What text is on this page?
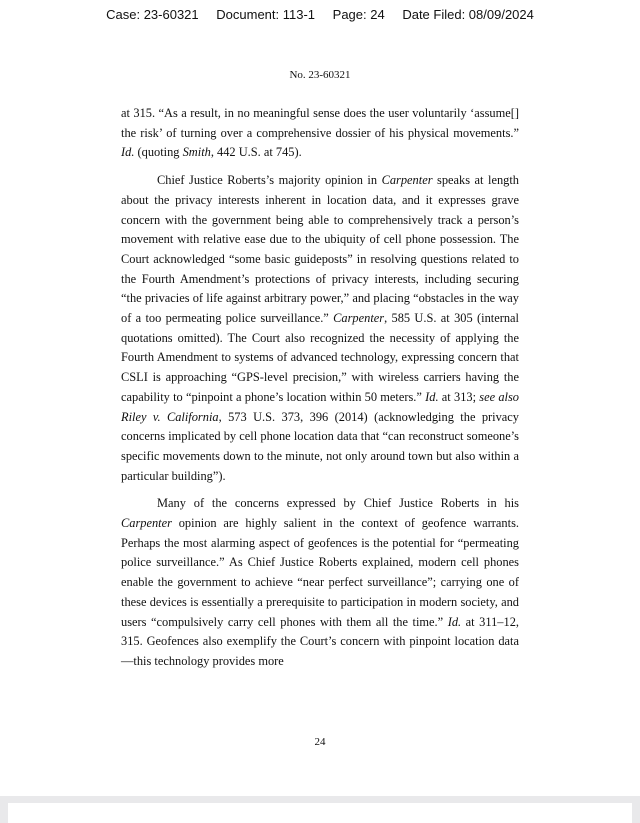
Case: 23-60321 Document: 113-1 Page: 24 Date Filed: 08/09/2024
No. 23-60321

at 315. “As a result, in no meaningful sense does the user voluntarily ‘assume[] the risk’ of turning over a comprehensive dossier of his physical movements.” Id. (quoting Smith, 442 U.S. at 745).

Chief Justice Roberts’s majority opinion in Carpenter speaks at length about the privacy interests inherent in location data, and it expresses grave concern with the government being able to comprehensively track a person’s movement with relative ease due to the ubiquity of cell phone possession. The Court acknowledged “some basic guideposts” in resolving questions related to the Fourth Amendment’s protections of privacy interests, including securing “the privacies of life against arbitrary power,” and placing “obstacles in the way of a too permeating police surveillance.” Carpenter, 585 U.S. at 305 (internal quotations omitted). The Court also recognized the necessity of applying the Fourth Amendment to systems of advanced technology, expressing concern that CSLI is approaching “GPS-level precision,” with wireless carriers having the capability to “pinpoint a phone’s location within 50 meters.” Id. at 313; see also Riley v. California, 573 U.S. 373, 396 (2014) (acknowledging the privacy concerns implicated by cell phone location data that “can reconstruct someone’s specific movements down to the minute, not only around town but also within a particular building”).

Many of the concerns expressed by Chief Justice Roberts in his Carpenter opinion are highly salient in the context of geofence warrants. Perhaps the most alarming aspect of geofences is the potential for “permeating police surveillance.” As Chief Justice Roberts explained, modern cell phones enable the government to achieve “near perfect surveillance”; carrying one of these devices is essentially a prerequisite to participation in modern society, and users “compulsively carry cell phones with them all the time.” Id. at 311–12, 315. Geofences also exemplify the Court’s concern with pinpoint location data—this technology provides more

24
